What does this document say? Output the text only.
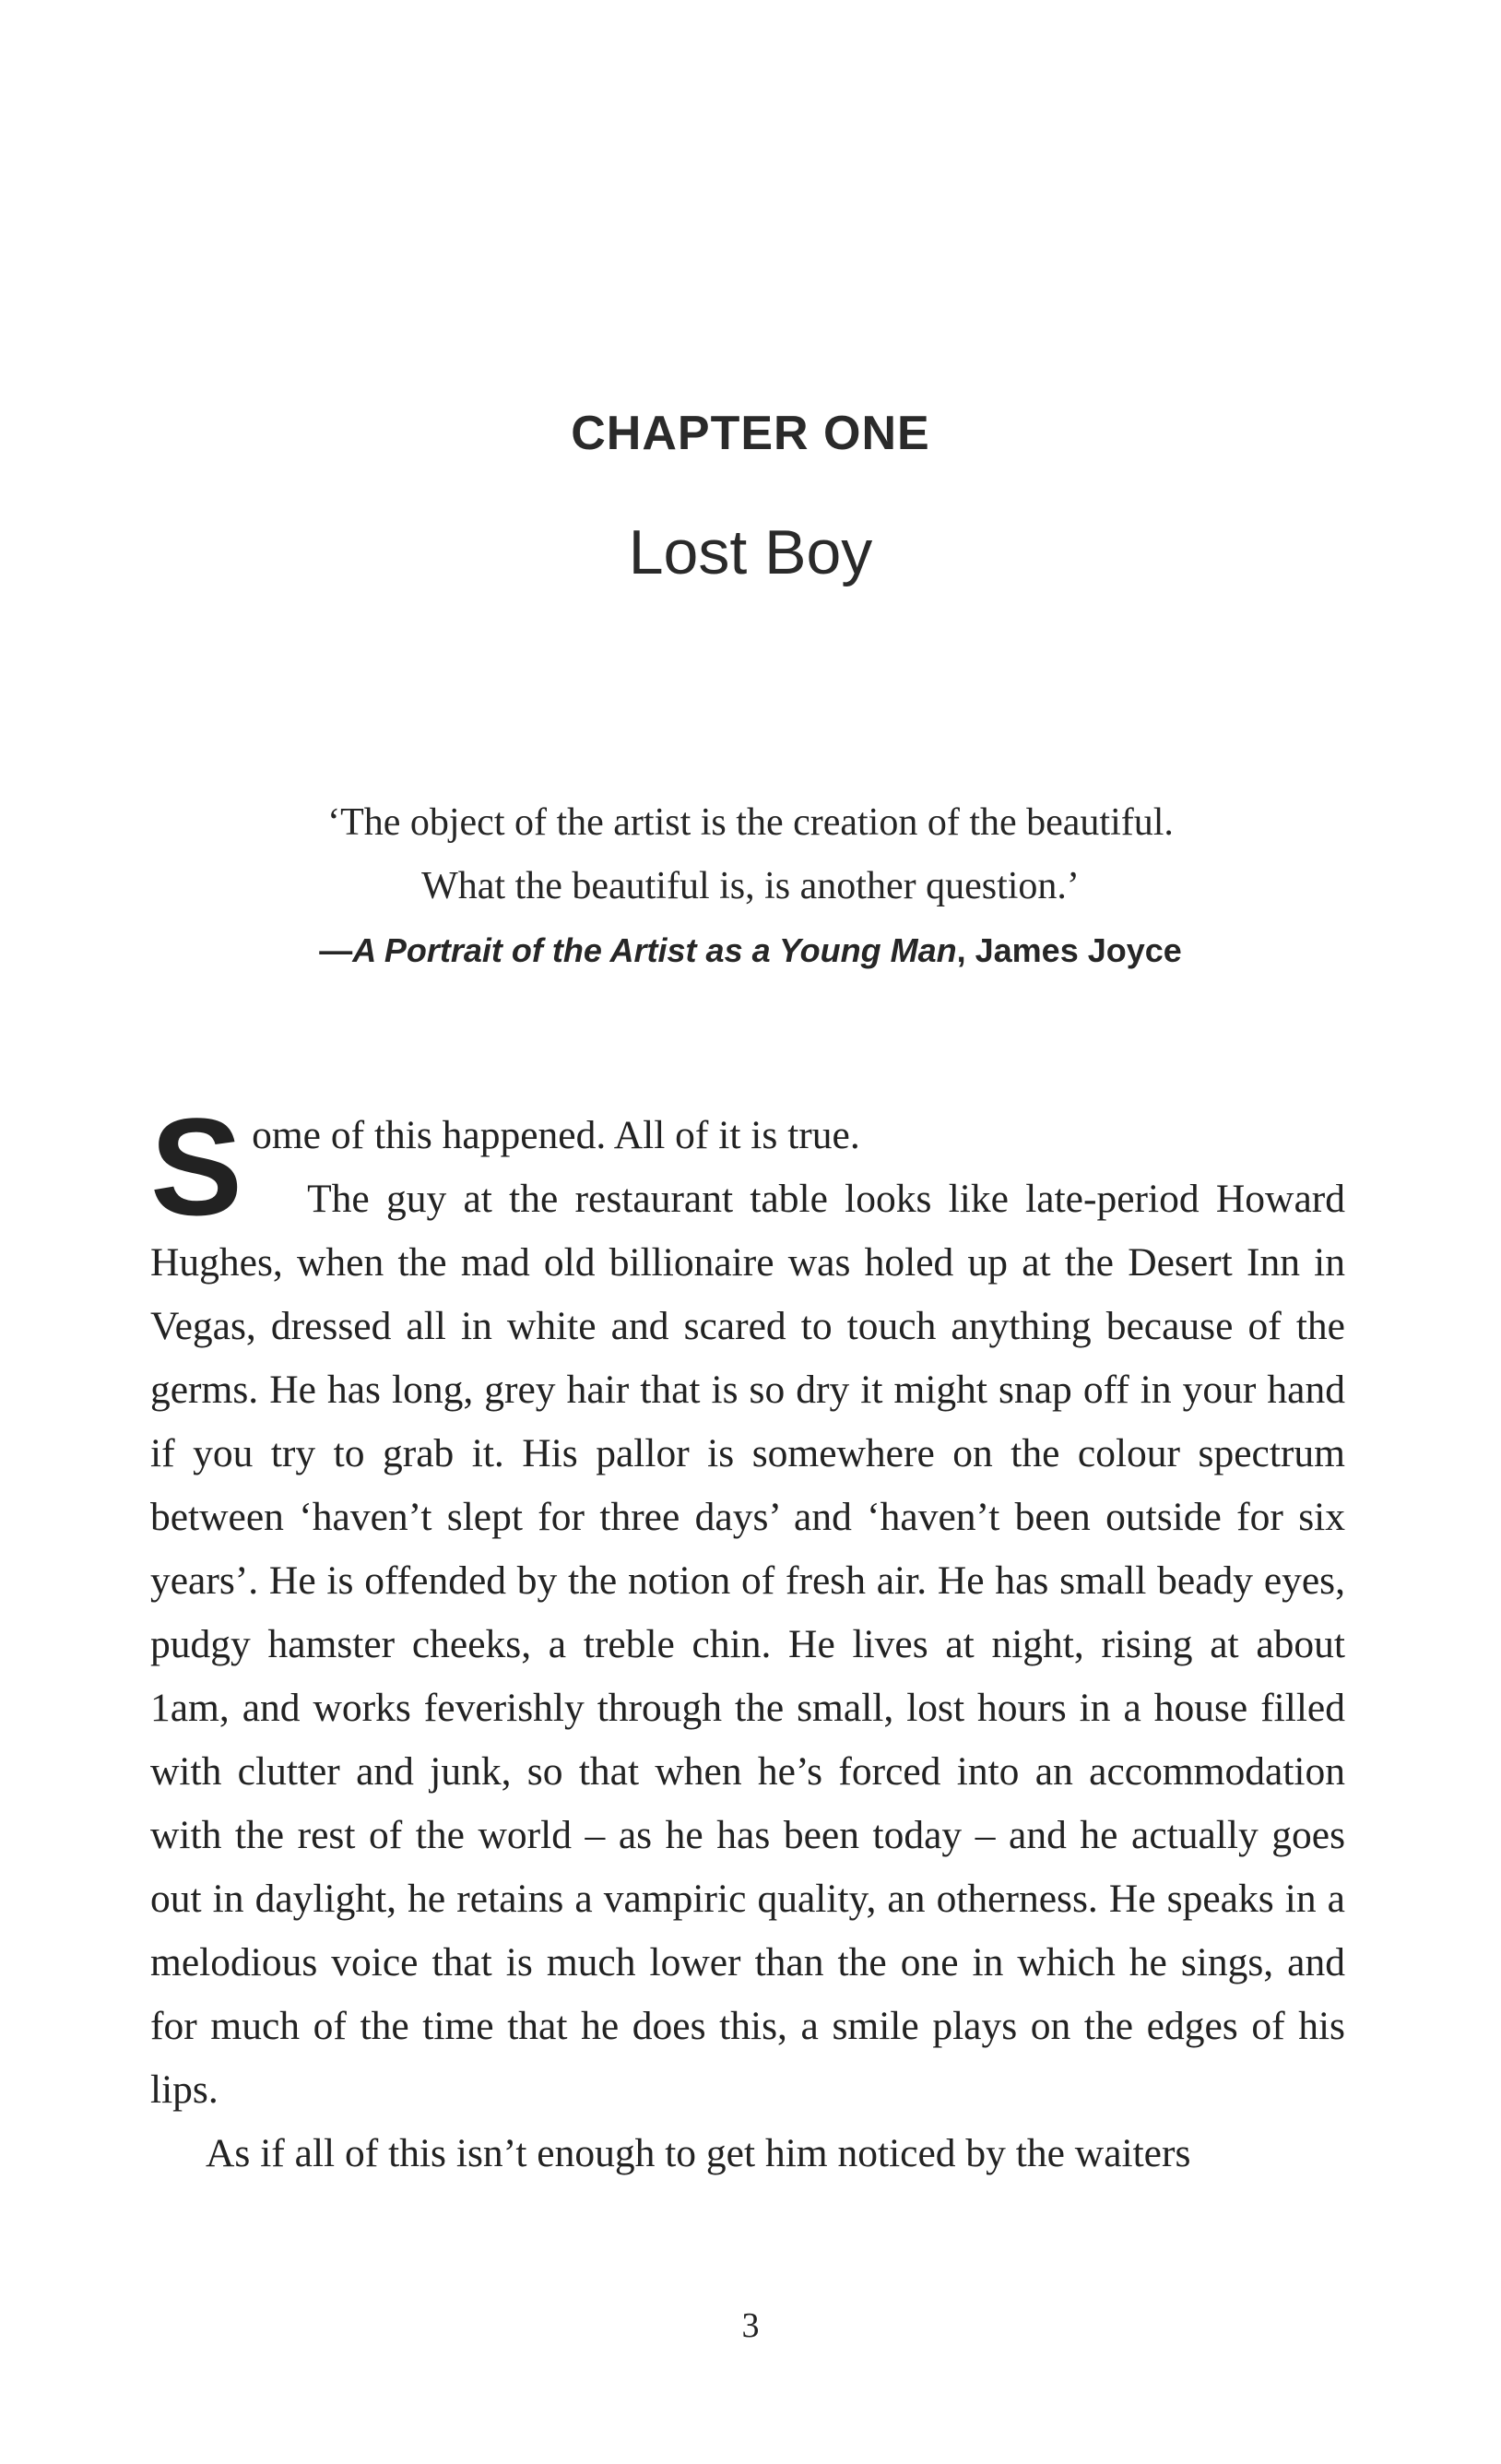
CHAPTER ONE
Lost Boy
‘The object of the artist is the creation of the beautiful.
What the beautiful is, is another question.’
—A Portrait of the Artist as a Young Man, James Joyce

Some of this happened. All of it is true.

The guy at the restaurant table looks like late-period Howard Hughes, when the mad old billionaire was holed up at the Desert Inn in Vegas, dressed all in white and scared to touch anything because of the germs. He has long, grey hair that is so dry it might snap off in your hand if you try to grab it. His pallor is somewhere on the colour spectrum between ‘haven’t slept for three days’ and ‘haven’t been outside for six years’. He is offended by the notion of fresh air. He has small beady eyes, pudgy hamster cheeks, a treble chin. He lives at night, rising at about 1am, and works feverishly through the small, lost hours in a house filled with clutter and junk, so that when he’s forced into an accommodation with the rest of the world – as he has been today – and he actually goes out in daylight, he retains a vampiric quality, an otherness. He speaks in a melodious voice that is much lower than the one in which he sings, and for much of the time that he does this, a smile plays on the edges of his lips.

As if all of this isn’t enough to get him noticed by the waiters

3
